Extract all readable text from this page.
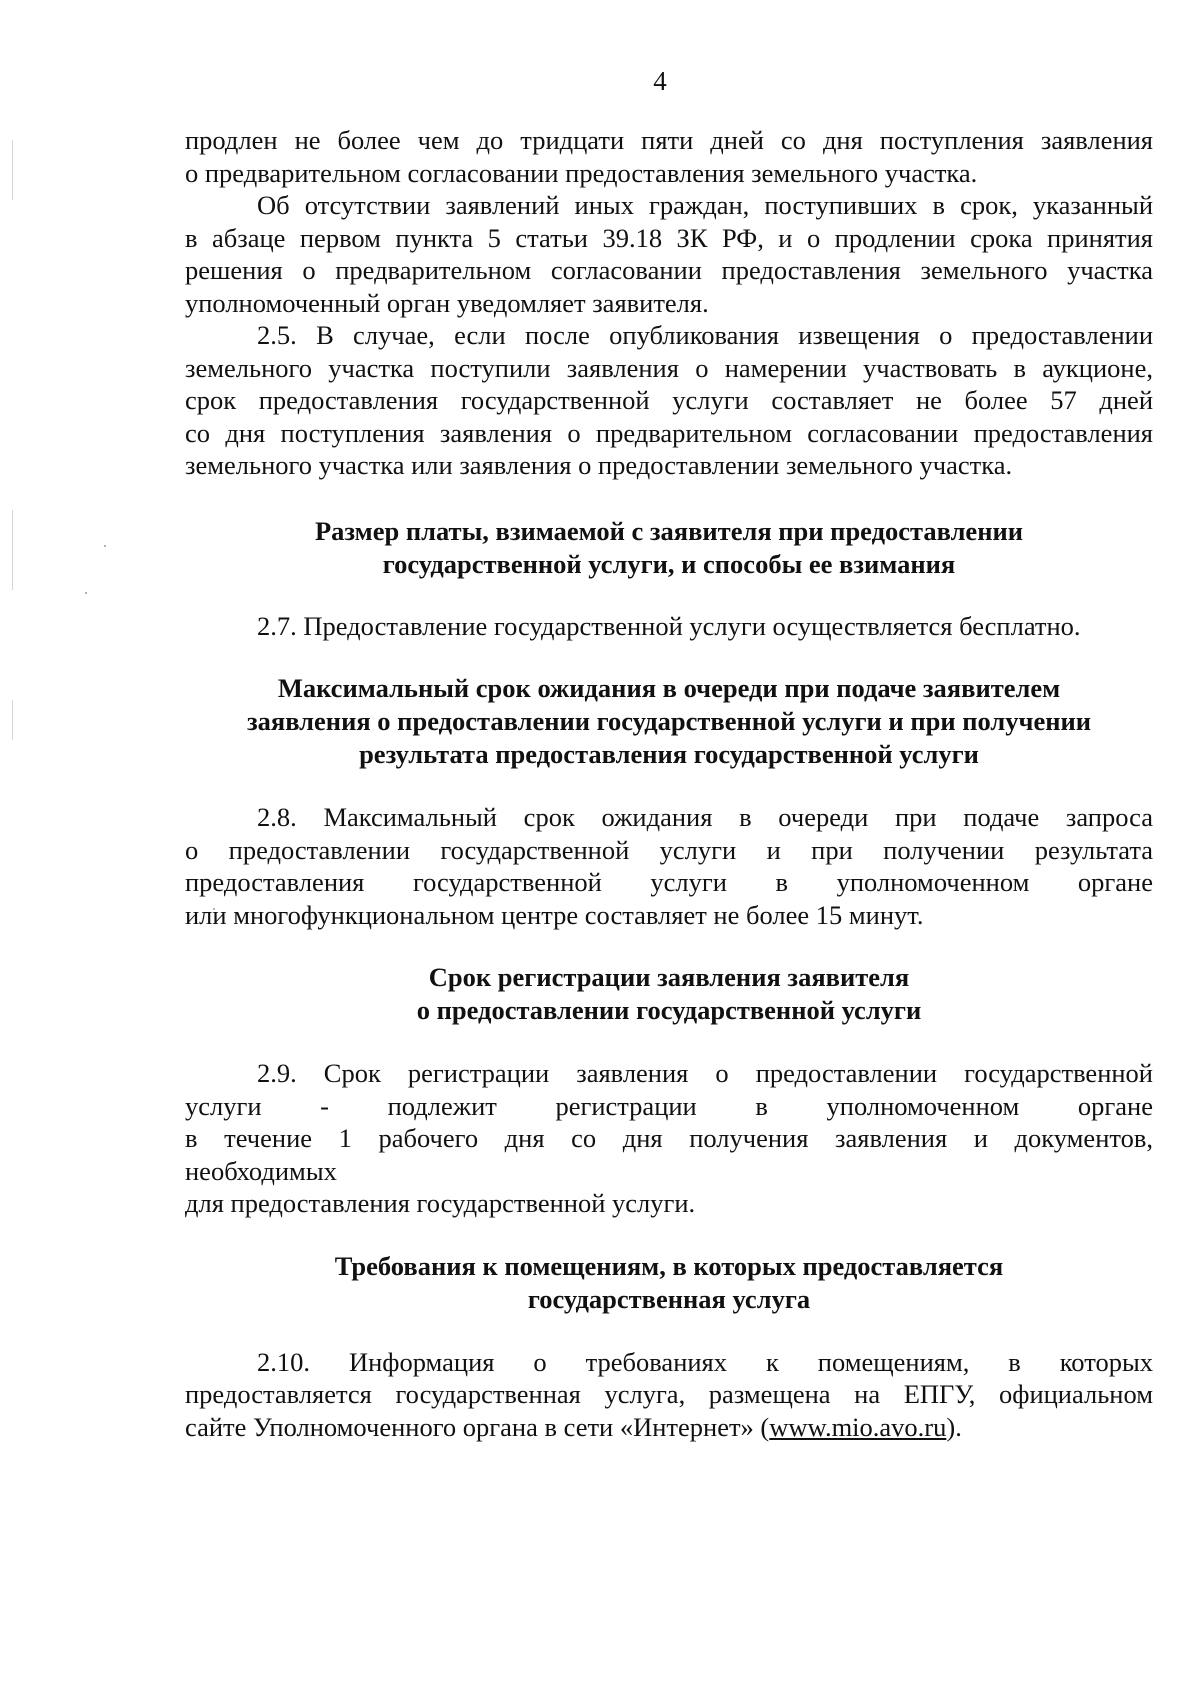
4

продлен не более чем до тридцати пяти дней со дня поступления заявления
о предварительном согласовании предоставления земельного участка.

Об отсутствии заявлений иных граждан, поступивших в срок, указанный
в абзаце первом пункта 5 статьи 39.18 ЗК РФ, и о продлении срока принятия
решения о предварительном согласовании предоставления земельного участка
уполномоченный орган уведомляет заявителя.

2.5. В случае, если после опубликования извещения о предоставлении
земельного участка поступили заявления о намерении участвовать в аукционе,
срок предоставления государственной услуги составляет не более 57 дней
со дня поступления заявления о предварительном согласовании предоставления
земельного участка или заявления о предоставлении земельного участка.

Размер платы, взимаемой с заявителя при предоставлении
государственной услуги, и способы ее взимания

2.7. Предоставление государственной услуги осуществляется бесплатно.

Максимальный срок ожидания в очереди при подаче заявителем
заявления о предоставлении государственной услуги и при получении
результата предоставления государственной услуги

2.8. Максимальный срок ожидания в очереди при подаче запроса
о предоставлении государственной услуги и при получении результата
предоставления государственной услуги в уполномоченном органе
или многофункциональном центре составляет не более 15 минут.

Срок регистрации заявления заявителя
о предоставлении государственной услуги

2.9. Срок регистрации заявления о предоставлении государственной
услуги - подлежит регистрации в уполномоченном органе
в течение 1 рабочего дня со дня получения заявления и документов,
необходимых
для предоставления государственной услуги.

Требования к помещениям, в которых предоставляется
государственная услуга

2.10. Информация о требованиях к помещениям, в которых
предоставляется государственная услуга, размещена на ЕПГУ, официальном
сайте Уполномоченного органа в сети «Интернет» (www.mio.avo.ru).
